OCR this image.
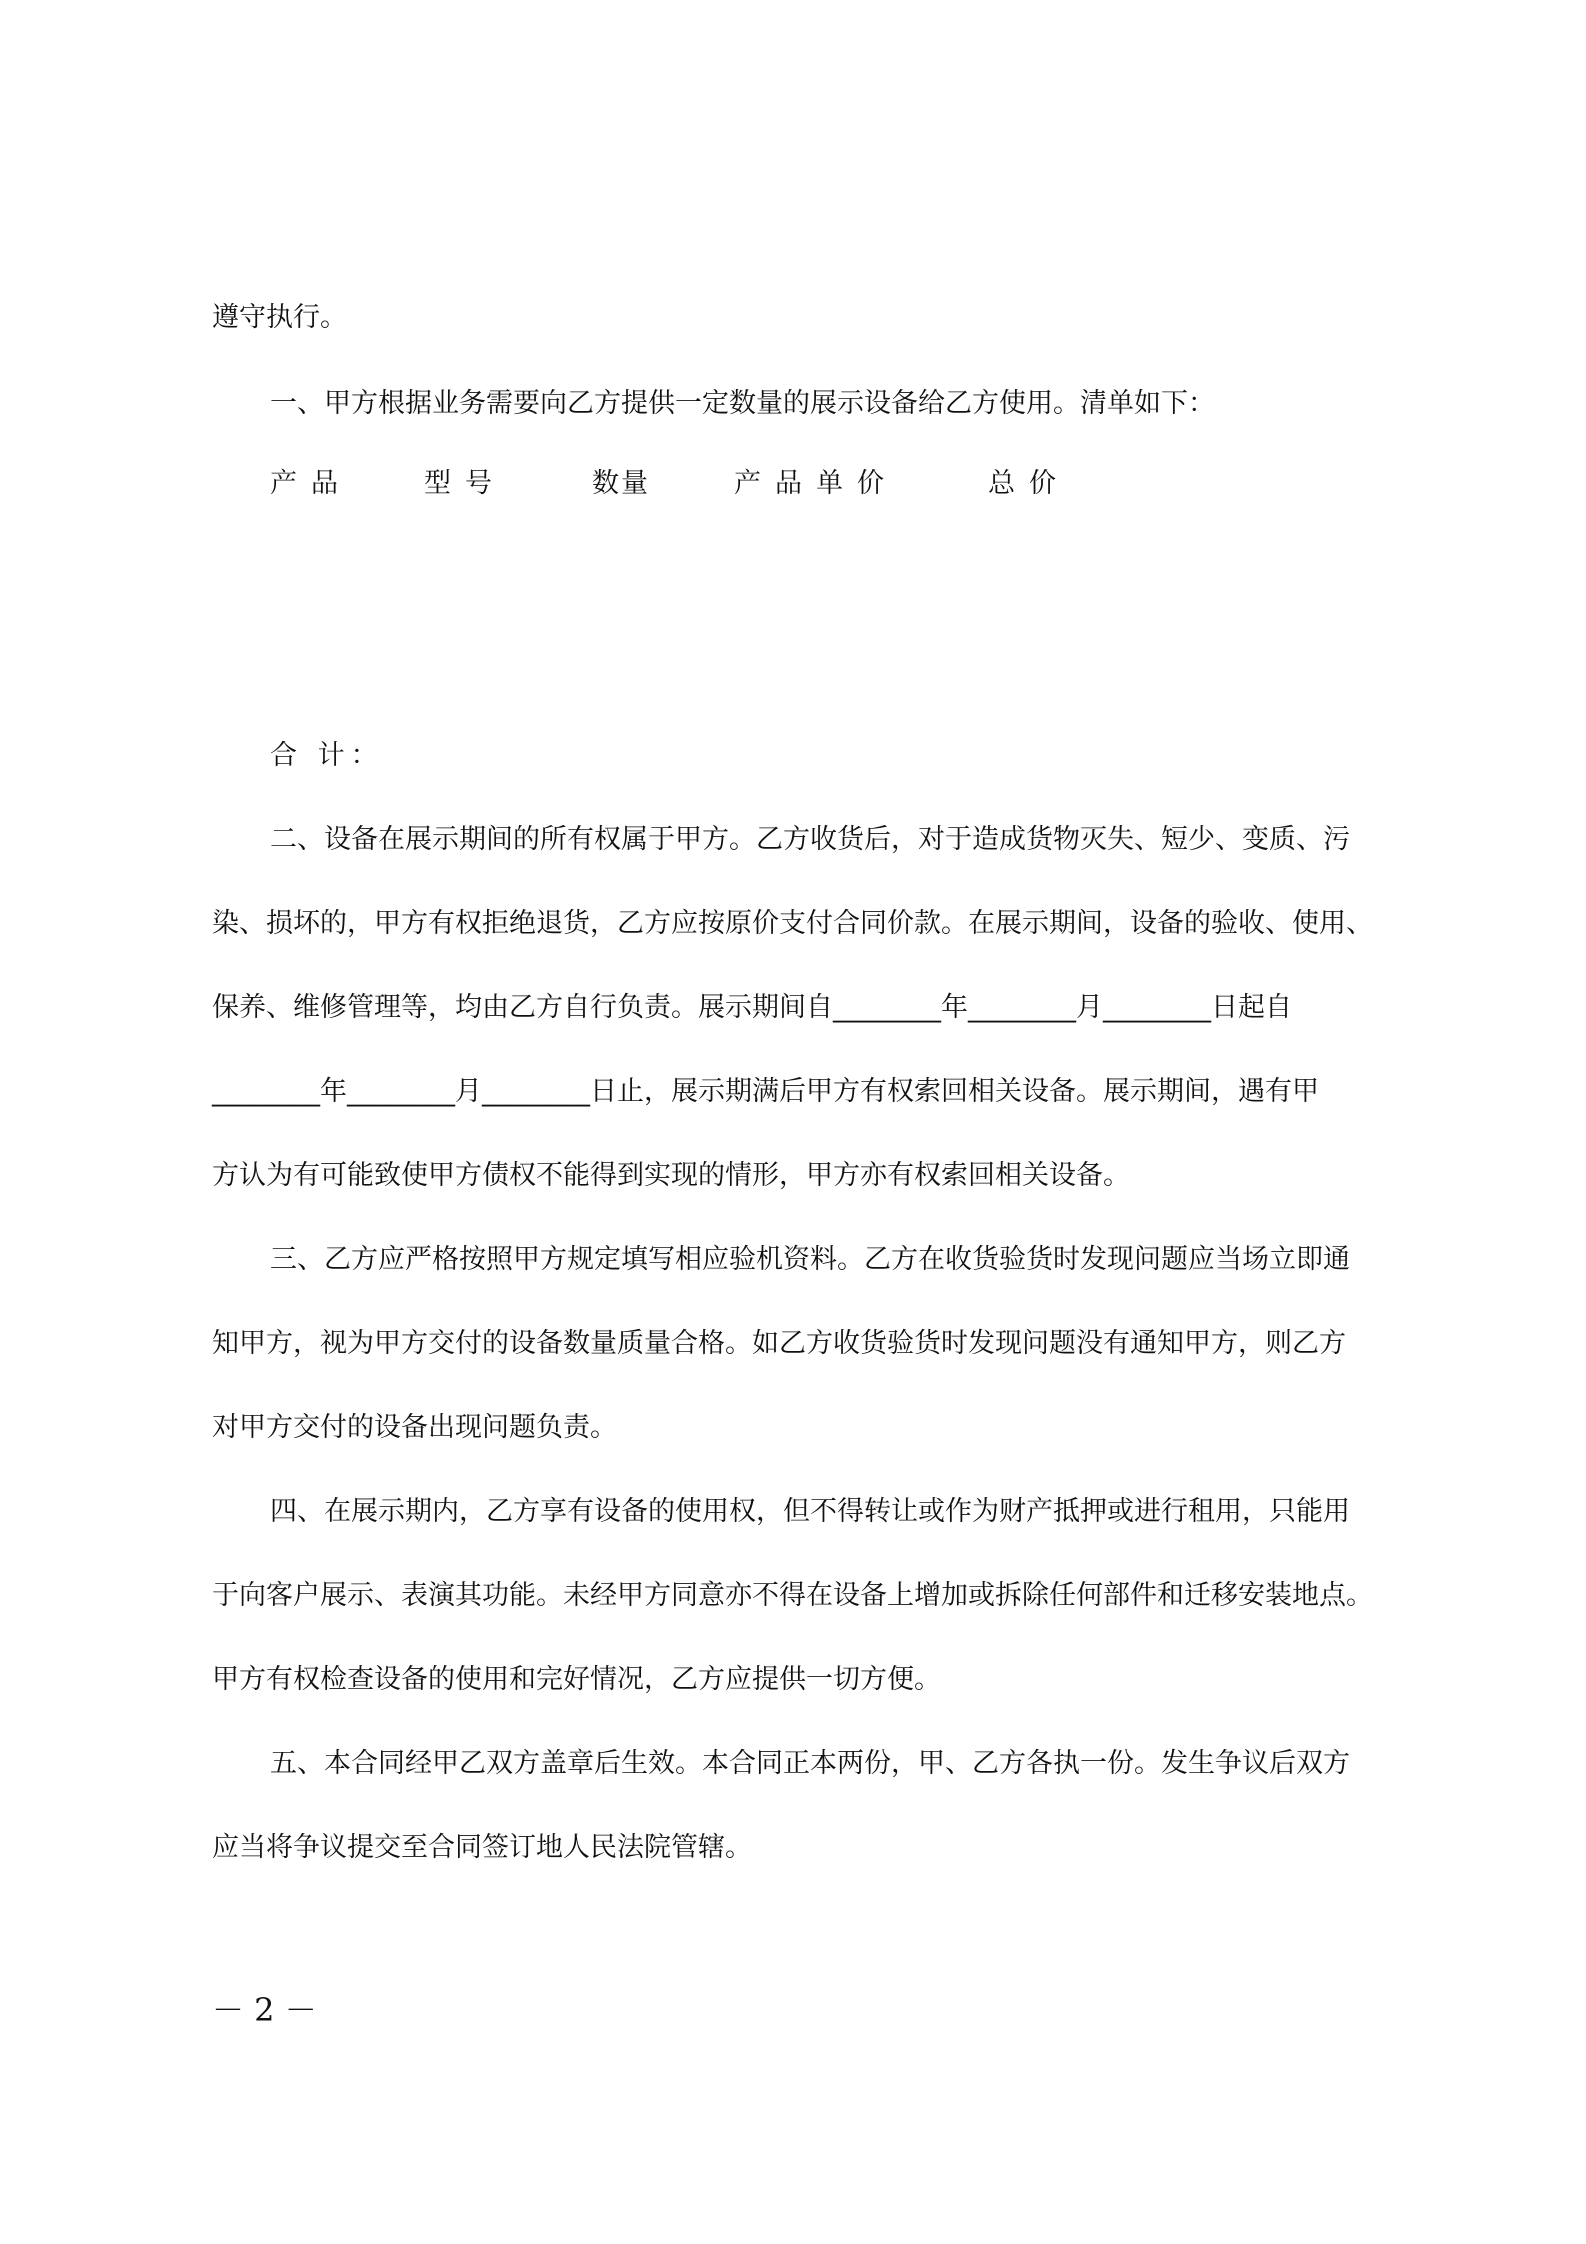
遵守执行。
一、甲方根据业务需要向乙方提供一定数量的展示设备给乙方使用。清单如下：
产品	型号	数量	产品单价	总价
合 计：
二、设备在展示期间的所有权属于甲方。乙方收货后，对于造成货物灭失、短少、变质、污
染、损坏的，甲方有权拒绝退货，乙方应按原价支付合同价款。在展示期间，设备的验收、使用、
保养、维修管理等，均由乙方自行负责。展示期间自________年________月________日起自
________年________月________日止，展示期满后甲方有权索回相关设备。展示期间，遇有甲
方认为有可能致使甲方债权不能得到实现的情形，甲方亦有权索回相关设备。
三、乙方应严格按照甲方规定填写相应验机资料。乙方在收货验货时发现问题应当场立即通
知甲方，视为甲方交付的设备数量质量合格。如乙方收货验货时发现问题没有通知甲方，则乙方
对甲方交付的设备出现问题负责。
四、在展示期内，乙方享有设备的使用权，但不得转让或作为财产抵押或进行租用，只能用
于向客户展示、表演其功能。未经甲方同意亦不得在设备上增加或拆除任何部件和迁移安装地点。
甲方有权检查设备的使用和完好情况，乙方应提供一切方便。
五、本合同经甲乙双方盖章后生效。本合同正本两份，甲、乙方各执一份。发生争议后双方
应当将争议提交至合同签订地人民法院管辖。
－ 2 －
